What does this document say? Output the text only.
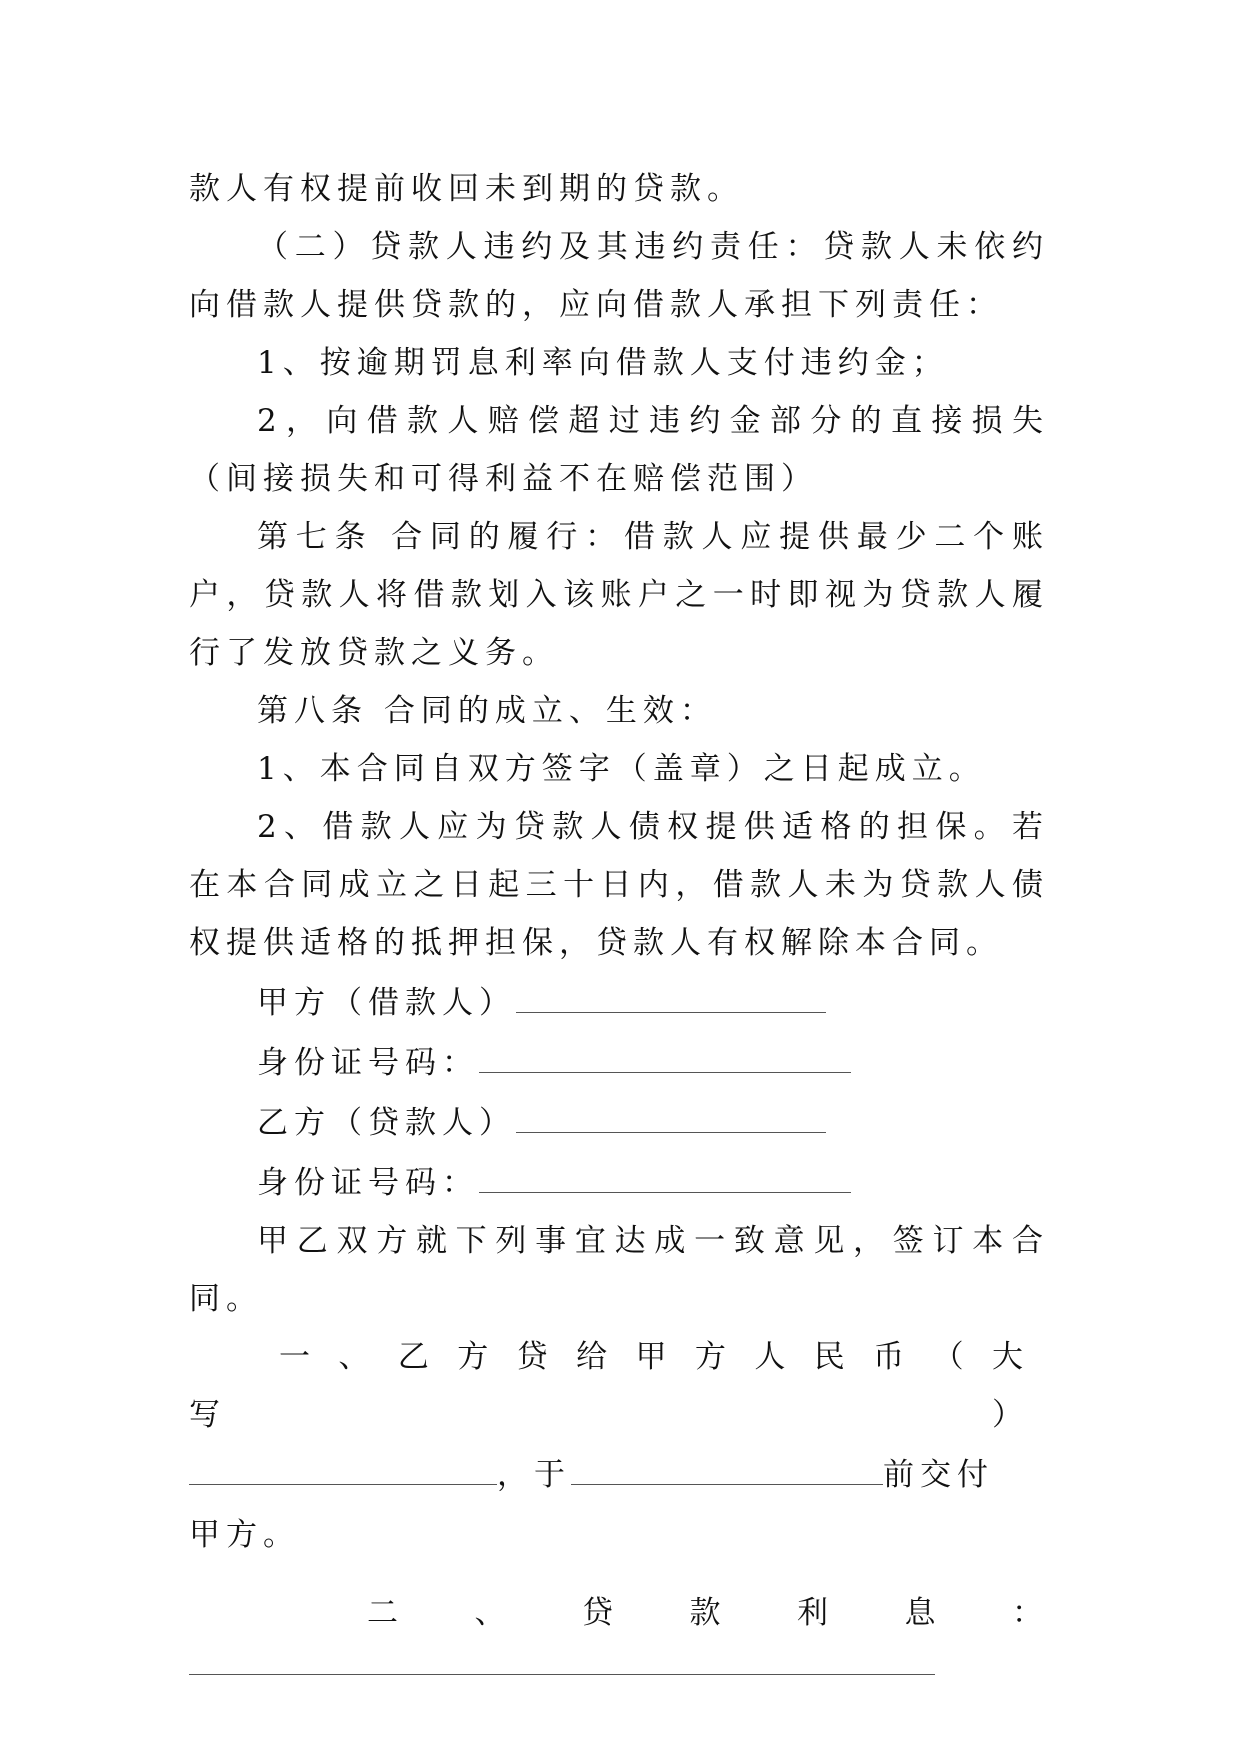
款人有权提前收回未到期的贷款。

（二）贷款人违约及其违约责任：贷款人未依约向借款人提供贷款的，应向借款人承担下列责任：

1、按逾期罚息利率向借款人支付违约金；

2，向借款人赔偿超过违约金部分的直接损失（间接损失和可得利益不在赔偿范围）

第七条 合同的履行：借款人应提供最少二个账户，贷款人将借款划入该账户之一时即视为贷款人履行了发放贷款之义务。

第八条 合同的成立、生效：

1、本合同自双方签字（盖章）之日起成立。

2、借款人应为贷款人债权提供适格的担保。若在本合同成立之日起三十日内，借款人未为贷款人债权提供适格的抵押担保，贷款人有权解除本合同。

甲方（借款人）

身份证号码：

乙方（贷款人）

身份证号码：

甲乙双方就下列事宜达成一致意见，签订本合同。

一、乙方贷给甲方人民币（大写）

，于	前交付

甲方。

二、贷款利息：
